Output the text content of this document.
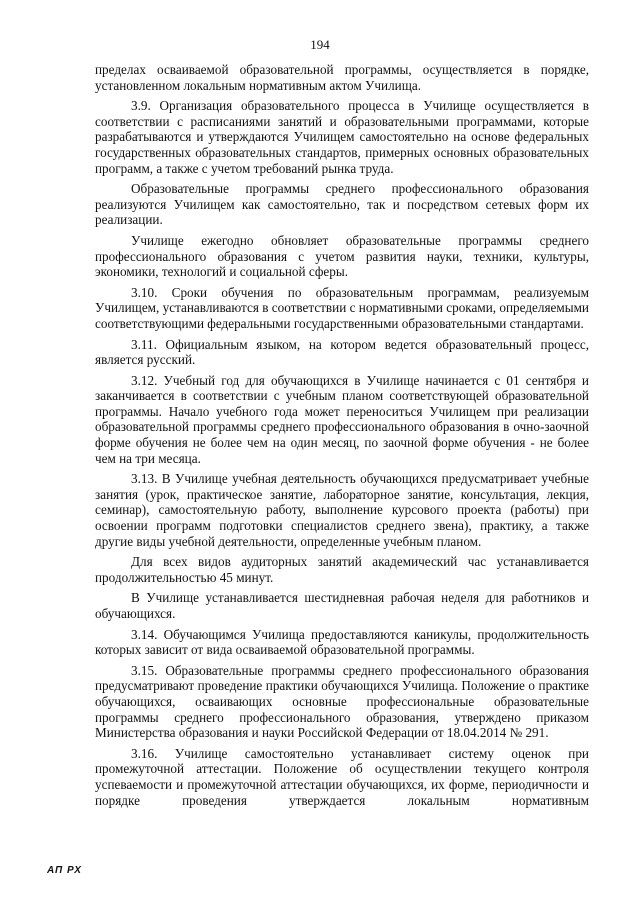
194

пределах осваиваемой образовательной программы, осуществляется в порядке, установленном локальным нормативным актом Училища.

3.9. Организация образовательного процесса в Училище осуществляется в соответствии с расписаниями занятий и образовательными программами, которые разрабатываются и утверждаются Училищем самостоятельно на основе федеральных государственных образовательных стандартов, примерных основных образовательных программ, а также с учетом требований рынка труда.

Образовательные программы среднего профессионального образования реализуются Училищем как самостоятельно, так и посредством сетевых форм их реализации.

Училище ежегодно обновляет образовательные программы среднего профессионального образования с учетом развития науки, техники, культуры, экономики, технологий и социальной сферы.

3.10. Сроки обучения по образовательным программам, реализуемым Училищем, устанавливаются в соответствии с нормативными сроками, определяемыми соответствующими федеральными государственными образовательными стандартами.

3.11. Официальным языком, на котором ведется образовательный процесс, является русский.

3.12. Учебный год для обучающихся в Училище начинается с 01 сентября и заканчивается в соответствии с учебным планом соответствующей образовательной программы. Начало учебного года может переноситься Училищем при реализации образовательной программы среднего профессионального образования в очно-заочной форме обучения не более чем на один месяц, по заочной форме обучения - не более чем на три месяца.

3.13. В Училище учебная деятельность обучающихся предусматривает учебные занятия (урок, практическое занятие, лабораторное занятие, консультация, лекция, семинар), самостоятельную работу, выполнение курсового проекта (работы) при освоении программ подготовки специалистов среднего звена), практику, а также другие виды учебной деятельности, определенные учебным планом.

Для всех видов аудиторных занятий академический час устанавливается продолжительностью 45 минут.

В Училище устанавливается шестидневная рабочая неделя для работников и обучающихся.

3.14. Обучающимся Училища предоставляются каникулы, продолжительность которых зависит от вида осваиваемой образовательной программы.

3.15. Образовательные программы среднего профессионального образования предусматривают проведение практики обучающихся Училища. Положение о практике обучающихся, осваивающих основные профессиональные образовательные программы среднего профессионального образования, утверждено приказом Министерства образования и науки Российской Федерации от 18.04.2014 № 291.

3.16. Училище самостоятельно устанавливает систему оценок при промежуточной аттестации. Положение об осуществлении текущего контроля успеваемости и промежуточной аттестации обучающихся, их форме, периодичности и порядке проведения утверждается локальным нормативным

АП РХ
